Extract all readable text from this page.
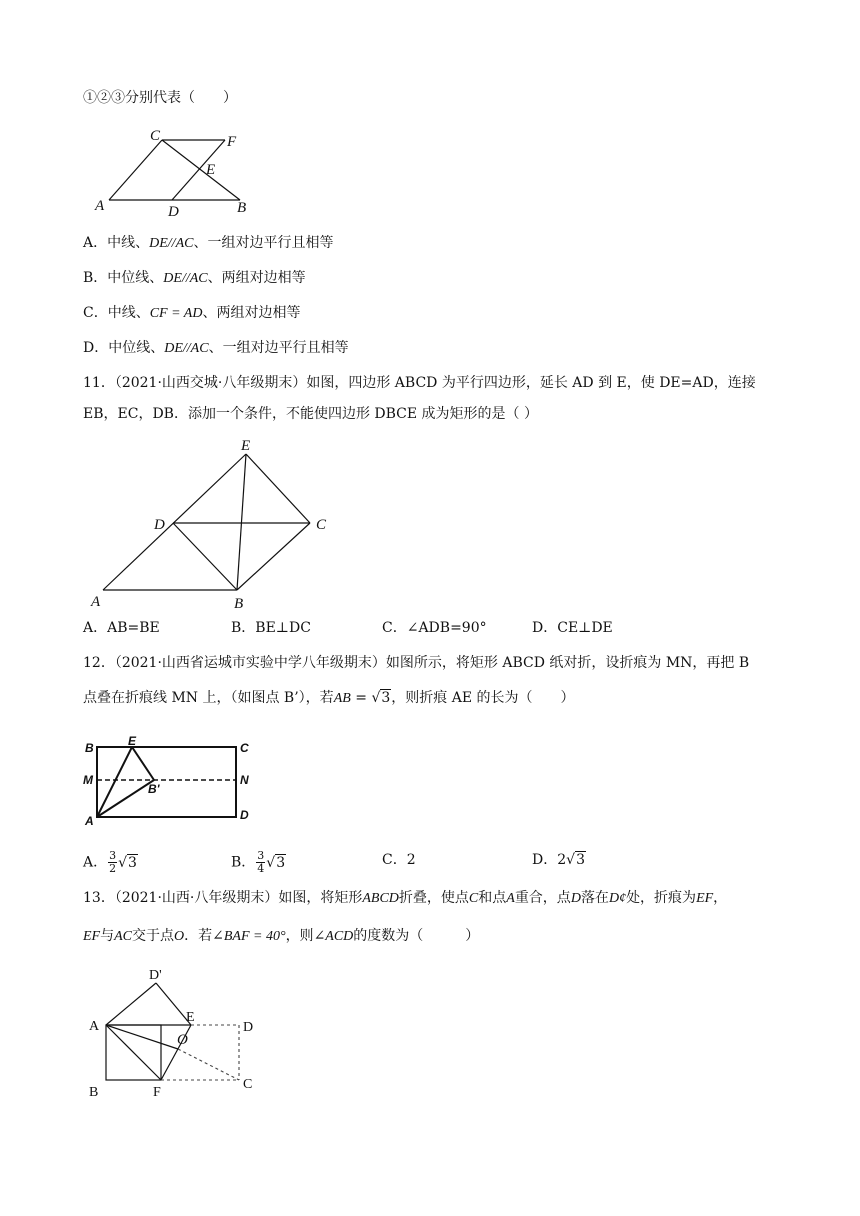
①②③分别代表（　　）
C	F
E
A	D	B
A．中线、DE//AC、一组对边平行且相等
B．中位线、DE//AC、两组对边相等
C．中线、CF = AD、两组对边相等
D．中位线、DE//AC、一组对边平行且相等
11．（2021·山西交城·八年级期末）如图，四边形 ABCD 为平行四边形，延长 AD 到 E，使 DE=AD，连接
EB，EC，DB．添加一个条件，不能使四边形 DBCE 成为矩形的是（ ）
E
D	C
A	B
A．AB=BE	B．BE⊥DC	C．∠ADB=90°	D．CE⊥DE
12．（2021·山西省运城市实验中学八年级期末）如图所示，将矩形 ABCD 纸对折，设折痕为 MN，再把 B
点叠在折痕线 MN 上，（如图点 B’），若AB = √3，则折痕 AE 的长为（　　）
B	E	C
M	N
B'
A	D
A． $\frac{3}{2} √3$	B． $\frac{3}{4} √3$	C．2	D．2√3
13．（2021·山西·八年级期末）如图，将矩形ABCD折叠，使点C和点A重合，点D落在D¢处，折痕为EF，
EF与AC交于点O．若∠BAF = 40°，则∠ACD的度数为（　　　）
D'
A
E
D
O
B	F
C
